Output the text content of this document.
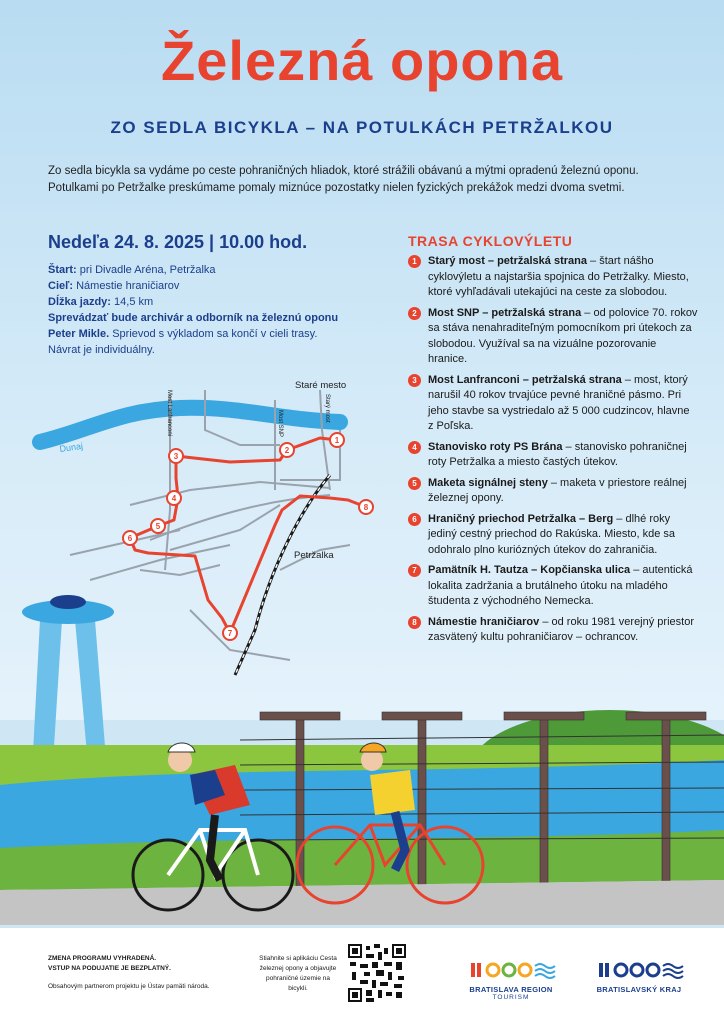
Železná opona
ZO SEDLA BICYKLA – NA POTULKÁCH PETRŽALKOU

Zo sedla bicykla sa vydáme po ceste pohraničných hliadok, ktoré strážili obávanú a mýtmi opradenú železnú oponu. Potulkami po Petržalke preskúmame pomaly miznúce pozostatky nielen fyzických prekážok medzi dvoma svetmi.

Nedeľa 24. 8. 2025 | 10.00 hod.

Štart: pri Divadle Aréna, Petržalka
Cieľ: Námestie hraničiarov
Dĺžka jazdy: 14,5 km
Sprevádzať bude archivár a odborník na železnú oponu
Peter Mikle. Sprievod s výkladom sa končí v cieli trasy. Návrat je individuálny.
Dunaj
Staré mesto
Petržalka
Most Lanfranconi	Most SNP
Starý most
1
2
3
4
5
6
7
8

TRASA CYKLOVÝLETU

1	Starý most – petržalská strana – štart nášho cyklovýletu a najstaršia spojnica do Petržalky. Miesto, ktoré vyhľadávali utekajúci na ceste za slobodou.
2	Most SNP – petržalská strana – od polovice 70. rokov sa stáva nenahraditeľným pomocníkom pri útekoch za slobodou. Využíval sa na vizuálne pozorovanie hranice.
3	Most Lanfranconi – petržalská strana – most, ktorý narušil 40 rokov trvajúce pevné hraničné pásmo. Pri jeho stavbe sa vystriedalo až 5 000 cudzincov, hlavne z Poľska.
4	Stanovisko roty PS Brána – stanovisko pohraničnej roty Petržalka a miesto častých útekov.
5	Maketa signálnej steny – maketa v priestore reálnej železnej opony.
6	Hraničný priechod Petržalka – Berg – dlhé roky jediný cestný priechod do Rakúska. Miesto, kde sa odohralo plno kuriózných útekov do zahraničia.
7	Pamätník H. Tautza – Kopčianska ulica – autentická lokalita zadržania a brutálneho útoku na mladého študenta z východného Nemecka.
8	Námestie hraničiarov – od roku 1981 verejný priestor zasvätený kultu pohraničiarov – ochrancov.

ZMENA PROGRAMU VYHRADENÁ.
VSTUP NA PODUJATIE JE BEZPLATNÝ.

Obsahovým partnerom projektu je Ústav pamäti národa.

Stiahnite si aplikáciu Cesta železnej opony a objavujte pohraničné územie na bicykli.	BRATISLAVA REGION
TOURISM
BRATISLAVSKÝ KRAJ
